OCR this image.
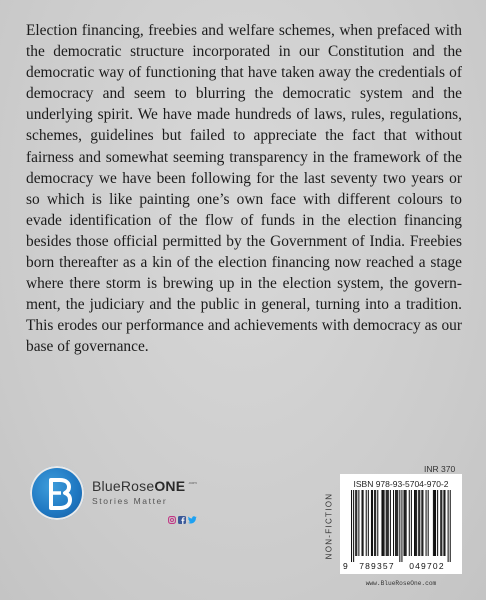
Election financing, freebies and welfare schemes, when prefaced with the democratic structure incorporated in our Constitution and the democratic way of functioning that have taken away the credentials of democracy and seem to blurring the democratic system and the underlying spirit. We have made hundreds of laws, rules, regulations, schemes, guidelines but failed to appreciate the fact that without fairness and somewhat seeming transparency in the framework of the democracy we have been following for the last seventy two years or so which is like painting one’s own face with different colours to evade identification of the flow of funds in the election financing besides those official permitted by the Government of India. Freebies born thereafter as a kin of the election financing now reached a stage where there storm is brewing up in the election system, the government, the judiciary and the public in general, turning into a tradition. This erodes our performance and achievements with democracy as our base of governance.

BlueRoseONE .com
Stories Matter
INR 370
NON-FICTION
ISBN 978-93-5704-970-2
9 789357 049702
www.BlueRoseOne.com
